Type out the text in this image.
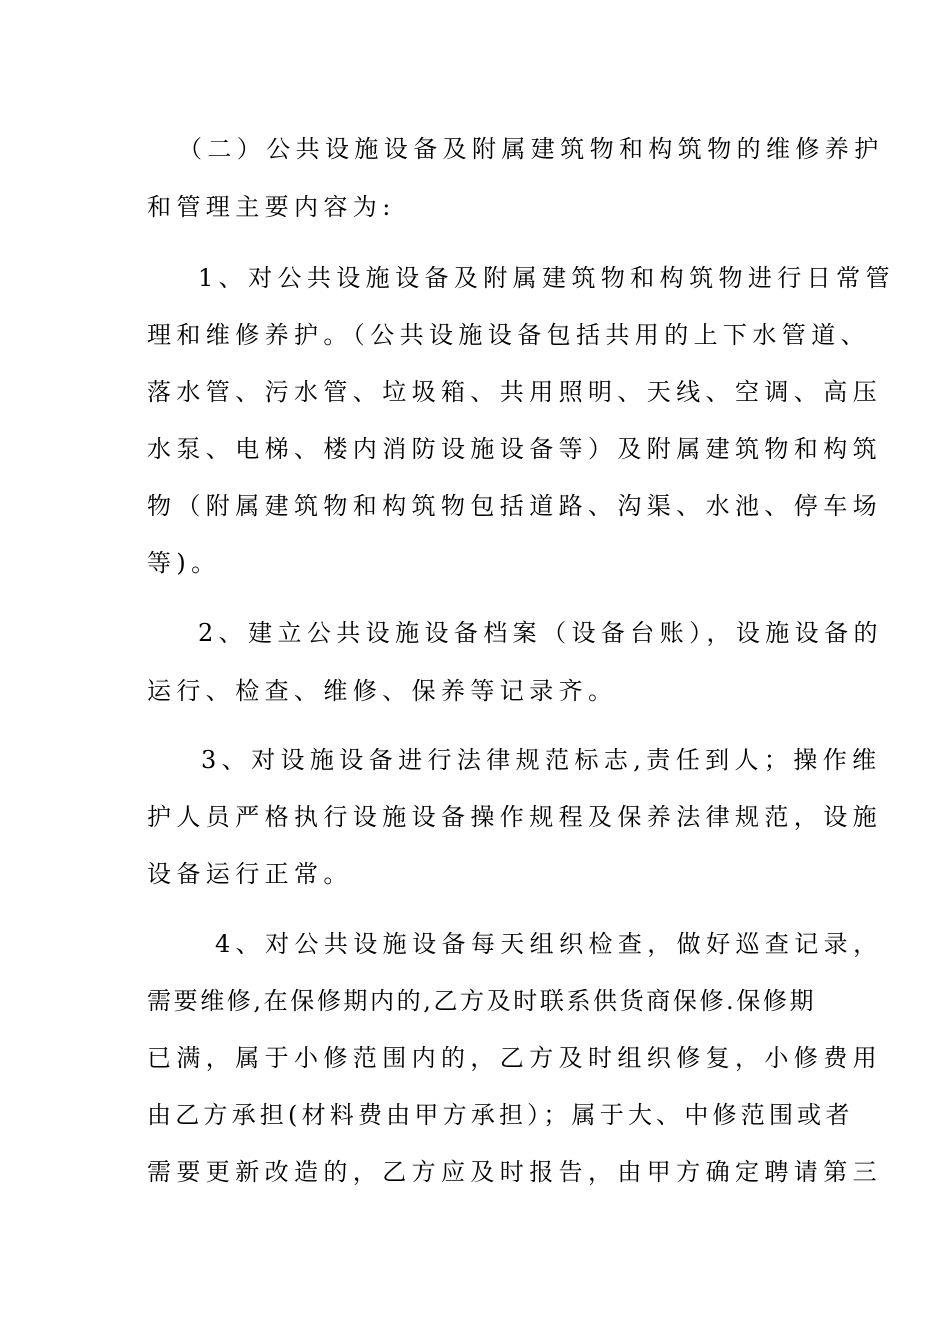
（二）公共设施设备及附属建筑物和构筑物的维修养护
和管理主要内容为:
1、对公共设施设备及附属建筑物和构筑物进行日常管
理和维修养护。（公共设施设备包括共用的上下水管道、
落水管、污水管、垃圾箱、共用照明、天线、空调、高压
水泵、电梯、楼内消防设施设备等）及附属建筑物和构筑
物（附属建筑物和构筑物包括道路、沟渠、水池、停车场
等)。
2、建立公共设施设备档案（设备台账），设施设备的
运行、检查、维修、保养等记录齐。
3、对设施设备进行法律规范标志,责任到人；操作维
护人员严格执行设施设备操作规程及保养法律规范，设施
设备运行正常。
4、对公共设施设备每天组织检查，做好巡查记录，
需要维修,在保修期内的,乙方及时联系供货商保修.保修期
已满，属于小修范围内的，乙方及时组织修复，小修费用
由乙方承担(材料费由甲方承担）；属于大、中修范围或者
需要更新改造的，乙方应及时报告，由甲方确定聘请第三
